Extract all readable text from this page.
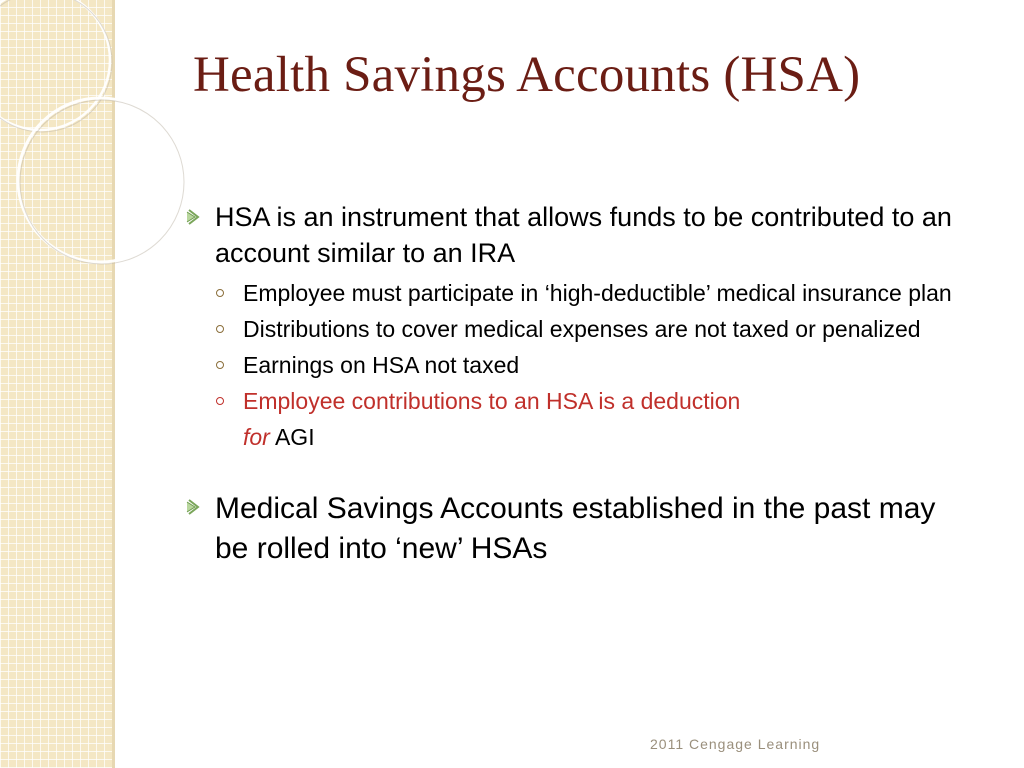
Health Savings Accounts (HSA)
HSA is an instrument that allows funds to be contributed to an account similar to an IRA
Employee must participate in ‘high-deductible’ medical insurance plan
Distributions to cover medical expenses are not taxed or penalized
Earnings on HSA not taxed
Employee contributions to an HSA is a deduction
for AGI
Medical Savings Accounts established in the past may be rolled into ‘new’ HSAs
2011 Cengage Learning
